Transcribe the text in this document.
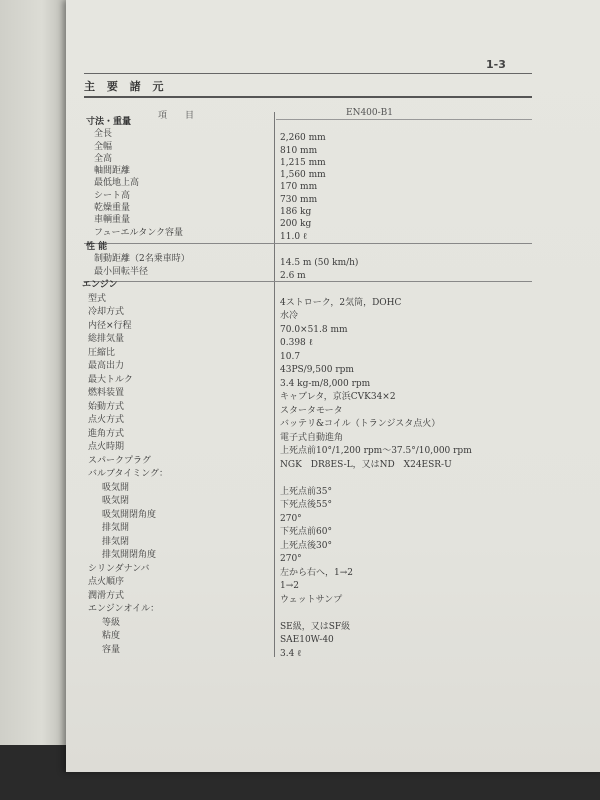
1-3
主 要 諸 元
項　　目	EN400-B1
寸法・重量
全長	2,260 mm
全幅	810 mm
全高	1,215 mm
軸間距離	1,560 mm
最低地上高	170 mm
シート高	730 mm
乾燥重量	186 kg
車輌重量	200 kg
フューエルタンク容量	11.0 ℓ
性 能
制動距離（2名乗車時）	14.5 m (50 km/h)
最小回転半径	2.6 m
エンジン
型式	4ストローク，2気筒，DOHC
冷却方式	水冷
内径×行程	70.0×51.8 mm
総排気量	0.398 ℓ
圧縮比	10.7
最高出力	43PS/9,500 rpm
最大トルク	3.4 kg-m/8,000 rpm
燃料装置	キャブレタ，京浜CVK34×2
始動方式	スタータモータ
点火方式	バッテリ&コイル（トランジスタ点火）
進角方式	電子式自動進角
点火時期	上死点前10°/1,200 rpm～37.5°/10,000 rpm
スパークプラグ	NGK　DR8ES-L，又はND　X24ESR-U
バルブタイミング：
吸気開	上死点前35°
吸気閉	下死点後55°
吸気開閉角度	270°
排気開	下死点前60°
排気閉	上死点後30°
排気開閉角度	270°
シリンダナンバ	左から右へ，1→2
点火順序	1→2
潤滑方式	ウェットサンプ
エンジンオイル：
等級	SE級，又はSF級
粘度	SAE10W-40
容量	3.4 ℓ
